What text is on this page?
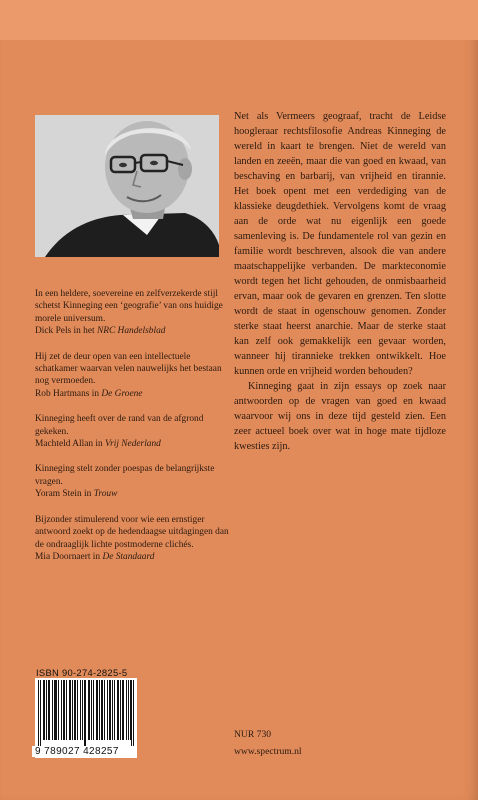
In een heldere, soevereine en zelfverzekerde stijl schetst Kinneging een ‘geografie’ van ons huidige morele universum.

Dick Pels in het NRC Handelsblad

Hij zet de deur open van een intellectuele schatkamer waarvan velen nauwelijks het bestaan nog vermoeden.

Rob Hartmans in De Groene

Kinneging heeft over de rand van de afgrond gekeken.

Machteld Allan in Vrij Nederland

Kinneging stelt zonder poespas de belangrijkste vragen.

Yoram Stein in Trouw

Bijzonder stimulerend voor wie een ernstiger antwoord zoekt op de hedendaagse uitdagingen dan de ondraaglijk lichte postmoderne clichés.

Mia Doornaert in De Standaard

Net als Vermeers geograaf, tracht de Leidse hoogleraar rechtsfilosofie Andreas Kinneging de wereld in kaart te brengen. Niet de wereld van landen en zeeën, maar die van goed en kwaad, van beschaving en barbarij, van vrijheid en tirannie. Het boek opent met een verdediging van de klassieke deugdethiek. Vervolgens komt de vraag aan de orde wat nu eigenlijk een goede samenleving is. De fundamentele rol van gezin en familie wordt beschreven, alsook die van andere maatschappelijke verbanden. De markteconomie wordt tegen het licht gehouden, de onmisbaarheid ervan, maar ook de gevaren en grenzen. Ten slotte wordt de staat in ogenschouw genomen. Zonder sterke staat heerst anarchie. Maar de sterke staat kan zelf ook gemakkelijk een gevaar worden, wanneer hij tirannieke trekken ontwikkelt. Hoe kunnen orde en vrijheid worden behouden?

Kinneging gaat in zijn essays op zoek naar antwoorden op de vragen van goed en kwaad waarvoor wij ons in deze tijd gesteld zien. Een zeer actueel boek over wat in hoge mate tijdloze kwesties zijn.

ISBN 90-274-2825-5
9 789027 428257
NUR 730
www.spectrum.nl
